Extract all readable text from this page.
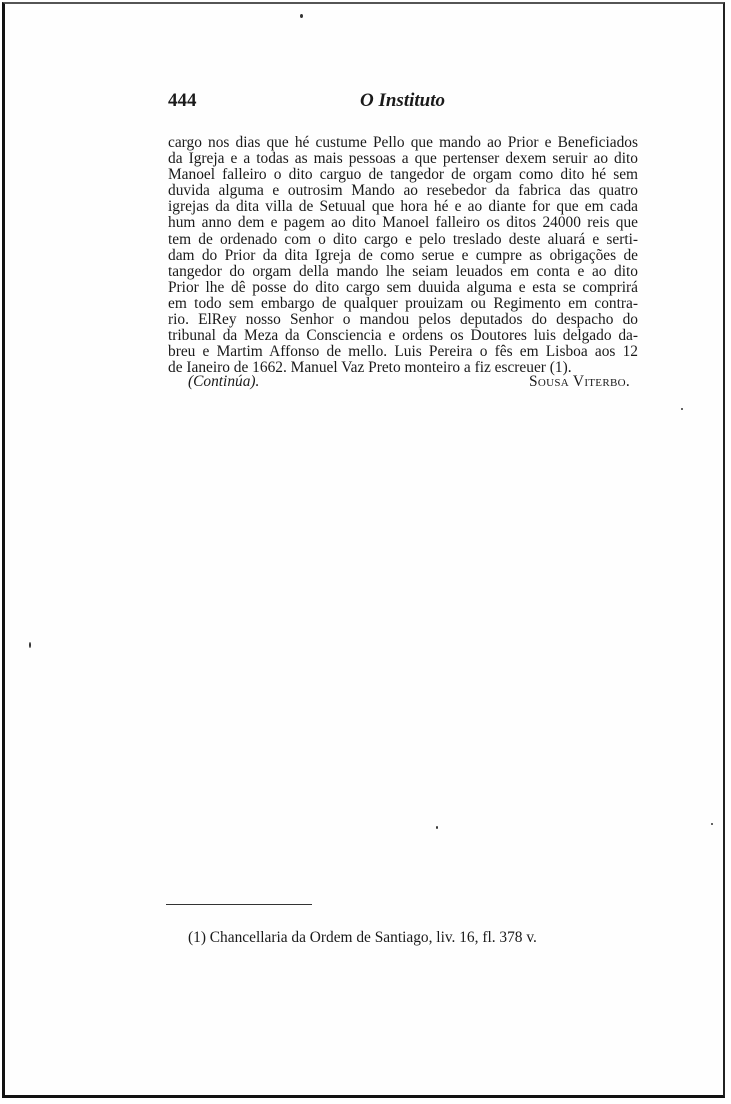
444	O Instituto

cargo nos dias que hé custume Pello que mando ao Prior e Beneficiados
da Igreja e a todas as mais pessoas a que pertenser dexem seruir ao dito
Manoel falleiro o dito carguo de tangedor de orgam como dito hé sem
duvida alguma e outrosim Mando ao resebedor da fabrica das quatro
igrejas da dita villa de Setuual que hora hé e ao diante for que em cada
hum anno dem e pagem ao dito Manoel falleiro os ditos 24000 reis que
tem de ordenado com o dito cargo e pelo treslado deste aluará e serti-
dam do Prior da dita Igreja de como serue e cumpre as obrigações de
tangedor do orgam della mando lhe seiam leuados em conta e ao dito
Prior lhe dê posse do dito cargo sem duuida alguma e esta se comprirá
em todo sem embargo de qualquer prouizam ou Regimento em contra-
rio. ElRey nosso Senhor o mandou pelos deputados do despacho do
tribunal da Meza da Consciencia e ordens os Doutores luis delgado da-
breu e Martim Affonso de mello. Luis Pereira o fês em Lisboa aos 12
de Ianeiro de 1662. Manuel Vaz Preto monteiro a fiz escreuer (1).

(Continúa).	Sousa Viterbo.
(1) Chancellaria da Ordem de Santiago, liv. 16, fl. 378 v.
